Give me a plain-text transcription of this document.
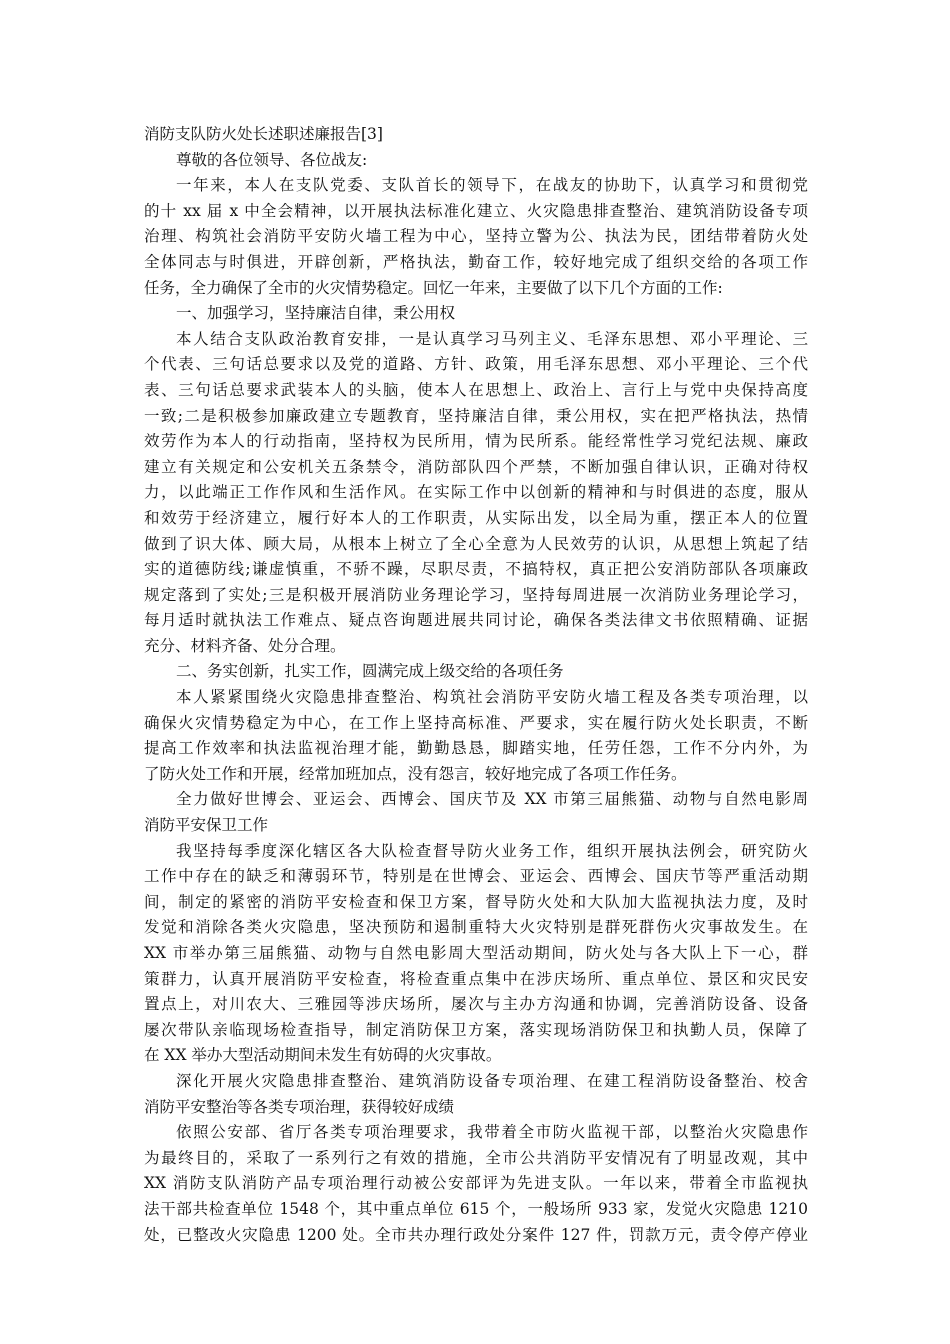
消防支队防火处长述职述廉报告[3]
尊敬的各位领导、各位战友:
一年来，本人在支队党委、支队首长的领导下，在战友的协助下，认真学习和贯彻党
的十 xx 届 x 中全会精神，以开展执法标准化建立、火灾隐患排查整治、建筑消防设备专项
治理、构筑社会消防平安防火墙工程为中心，坚持立警为公、执法为民，团结带着防火处
全体同志与时俱进，开辟创新，严格执法，勤奋工作，较好地完成了组织交给的各项工作
任务，全力确保了全市的火灾情势稳定。回忆一年来，主要做了以下几个方面的工作:
一、加强学习，坚持廉洁自律，秉公用权
本人结合支队政治教育安排，一是认真学习马列主义、毛泽东思想、邓小平理论、三
个代表、三句话总要求以及党的道路、方针、政策，用毛泽东思想、邓小平理论、三个代
表、三句话总要求武装本人的头脑，使本人在思想上、政治上、言行上与党中央保持高度
一致;二是积极参加廉政建立专题教育，坚持廉洁自律，秉公用权，实在把严格执法，热情
效劳作为本人的行动指南，坚持权为民所用，情为民所系。能经常性学习党纪法规、廉政
建立有关规定和公安机关五条禁令，消防部队四个严禁，不断加强自律认识，正确对待权
力，以此端正工作作风和生活作风。在实际工作中以创新的精神和与时俱进的态度，服从
和效劳于经济建立，履行好本人的工作职责，从实际出发，以全局为重，摆正本人的位置
做到了识大体、顾大局，从根本上树立了全心全意为人民效劳的认识，从思想上筑起了结
实的道德防线;谦虚慎重，不骄不躁，尽职尽责，不搞特权，真正把公安消防部队各项廉政
规定落到了实处;三是积极开展消防业务理论学习，坚持每周进展一次消防业务理论学习，
每月适时就执法工作难点、疑点咨询题进展共同讨论，确保各类法律文书依照精确、证据
充分、材料齐备、处分合理。
二、务实创新，扎实工作，圆满完成上级交给的各项任务
本人紧紧围绕火灾隐患排查整治、构筑社会消防平安防火墙工程及各类专项治理，以
确保火灾情势稳定为中心，在工作上坚持高标准、严要求，实在履行防火处长职责，不断
提高工作效率和执法监视治理才能，勤勤恳恳，脚踏实地，任劳任怨，工作不分内外，为
了防火处工作和开展，经常加班加点，没有怨言，较好地完成了各项工作任务。
全力做好世博会、亚运会、西博会、国庆节及 XX 市第三届熊猫、动物与自然电影周
消防平安保卫工作
我坚持每季度深化辖区各大队检查督导防火业务工作，组织开展执法例会，研究防火
工作中存在的缺乏和薄弱环节，特别是在世博会、亚运会、西博会、国庆节等严重活动期
间，制定的紧密的消防平安检查和保卫方案，督导防火处和大队加大监视执法力度，及时
发觉和消除各类火灾隐患，坚决预防和遏制重特大火灾特别是群死群伤火灾事故发生。在
XX 市举办第三届熊猫、动物与自然电影周大型活动期间，防火处与各大队上下一心，群
策群力，认真开展消防平安检查，将检查重点集中在涉庆场所、重点单位、景区和灾民安
置点上，对川农大、三雅园等涉庆场所，屡次与主办方沟通和协调，完善消防设备、设备
屡次带队亲临现场检查指导，制定消防保卫方案，落实现场消防保卫和执勤人员，保障了
在 XX 举办大型活动期间未发生有妨碍的火灾事故。
深化开展火灾隐患排查整治、建筑消防设备专项治理、在建工程消防设备整治、校舍
消防平安整治等各类专项治理，获得较好成绩
依照公安部、省厅各类专项治理要求，我带着全市防火监视干部，以整治火灾隐患作
为最终目的，采取了一系列行之有效的措施，全市公共消防平安情况有了明显改观，其中
XX 消防支队消防产品专项治理行动被公安部评为先进支队。一年以来，带着全市监视执
法干部共检查单位 1548 个，其中重点单位 615 个，一般场所 933 家，发觉火灾隐患 1210
处，已整改火灾隐患 1200 处。全市共办理行政处分案件 127 件，罚款万元，责令停产停业
